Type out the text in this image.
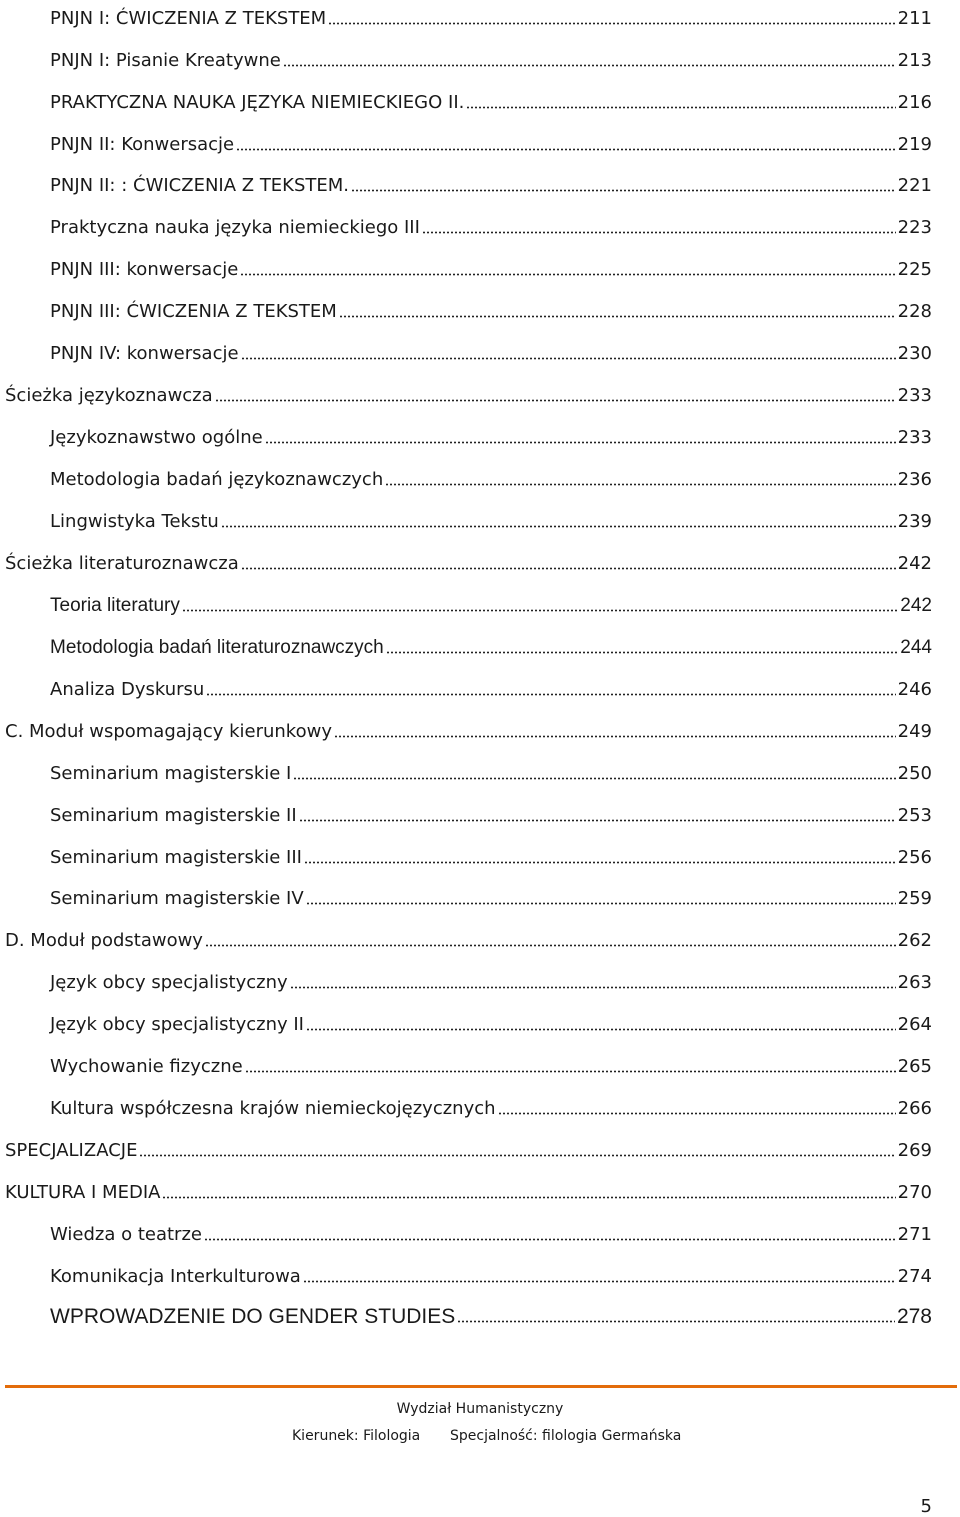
PNJN I: ĆWICZENIA Z TEKSTEM	211
PNJN I: Pisanie Kreatywne	213
PRAKTYCZNA NAUKA JĘZYKA NIEMIECKIEGO II.	216
PNJN II: Konwersacje	219
PNJN II: : ĆWICZENIA Z TEKSTEM.	221
Praktyczna nauka języka niemieckiego III	223
PNJN III: konwersacje	225
PNJN III: ĆWICZENIA Z TEKSTEM	228
PNJN IV: konwersacje	230
Ścieżka językoznawcza	233
Językoznawstwo ogólne	233
Metodologia badań językoznawczych	236
Lingwistyka Tekstu	239
Ścieżka literaturoznawcza	242
Teoria literatury	242
Metodologia badań literaturoznawczych	244
Analiza Dyskursu	246
C. Moduł wspomagający kierunkowy	249
Seminarium magisterskie I	250
Seminarium magisterskie II	253
Seminarium magisterskie III	256
Seminarium magisterskie IV	259
D. Moduł podstawowy	262
Język obcy specjalistyczny	263
Język obcy specjalistyczny II	264
Wychowanie fizyczne	265
Kultura współczesna krajów niemieckojęzycznych	266
SPECJALIZACJE	269
KULTURA I MEDIA	270
Wiedza o teatrze	271
Komunikacja Interkulturowa	274
WPROWADZENIE DO GENDER STUDIES	278
Wydział Humanistyczny
Kierunek: Filologia Specjalność: filologia Germańska
5
